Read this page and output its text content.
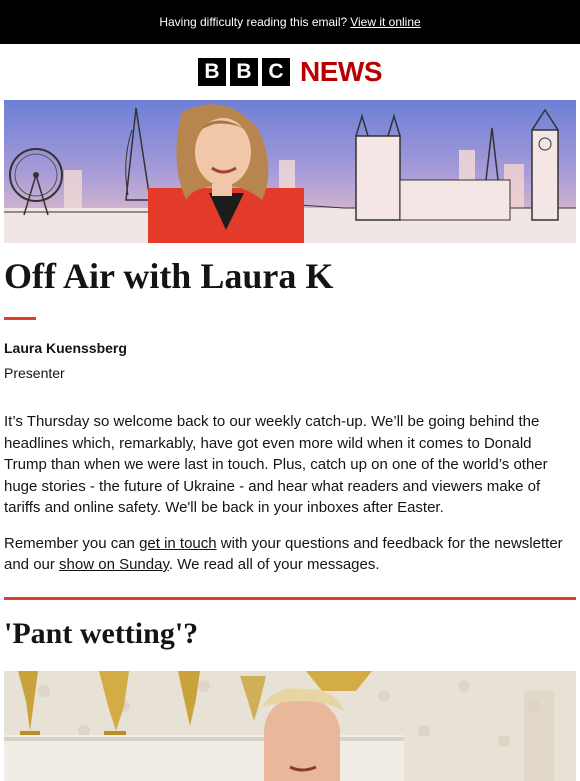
Having difficulty reading this email? View it online
B B C NEWS
Off Air with Laura K
Laura Kuenssberg
Presenter

It’s Thursday so welcome back to our weekly catch-up. We’ll be going behind the headlines which, remarkably, have got even more wild when it comes to Donald Trump than when we were last in touch. Plus, catch up on one of the world’s other huge stories - the future of Ukraine - and hear what readers and viewers make of tariffs and online safety. We'll be back in your inboxes after Easter.

Remember you can get in touch with your questions and feedback for the newsletter and our show on Sunday. We read all of your messages.

'Pant wetting'?
